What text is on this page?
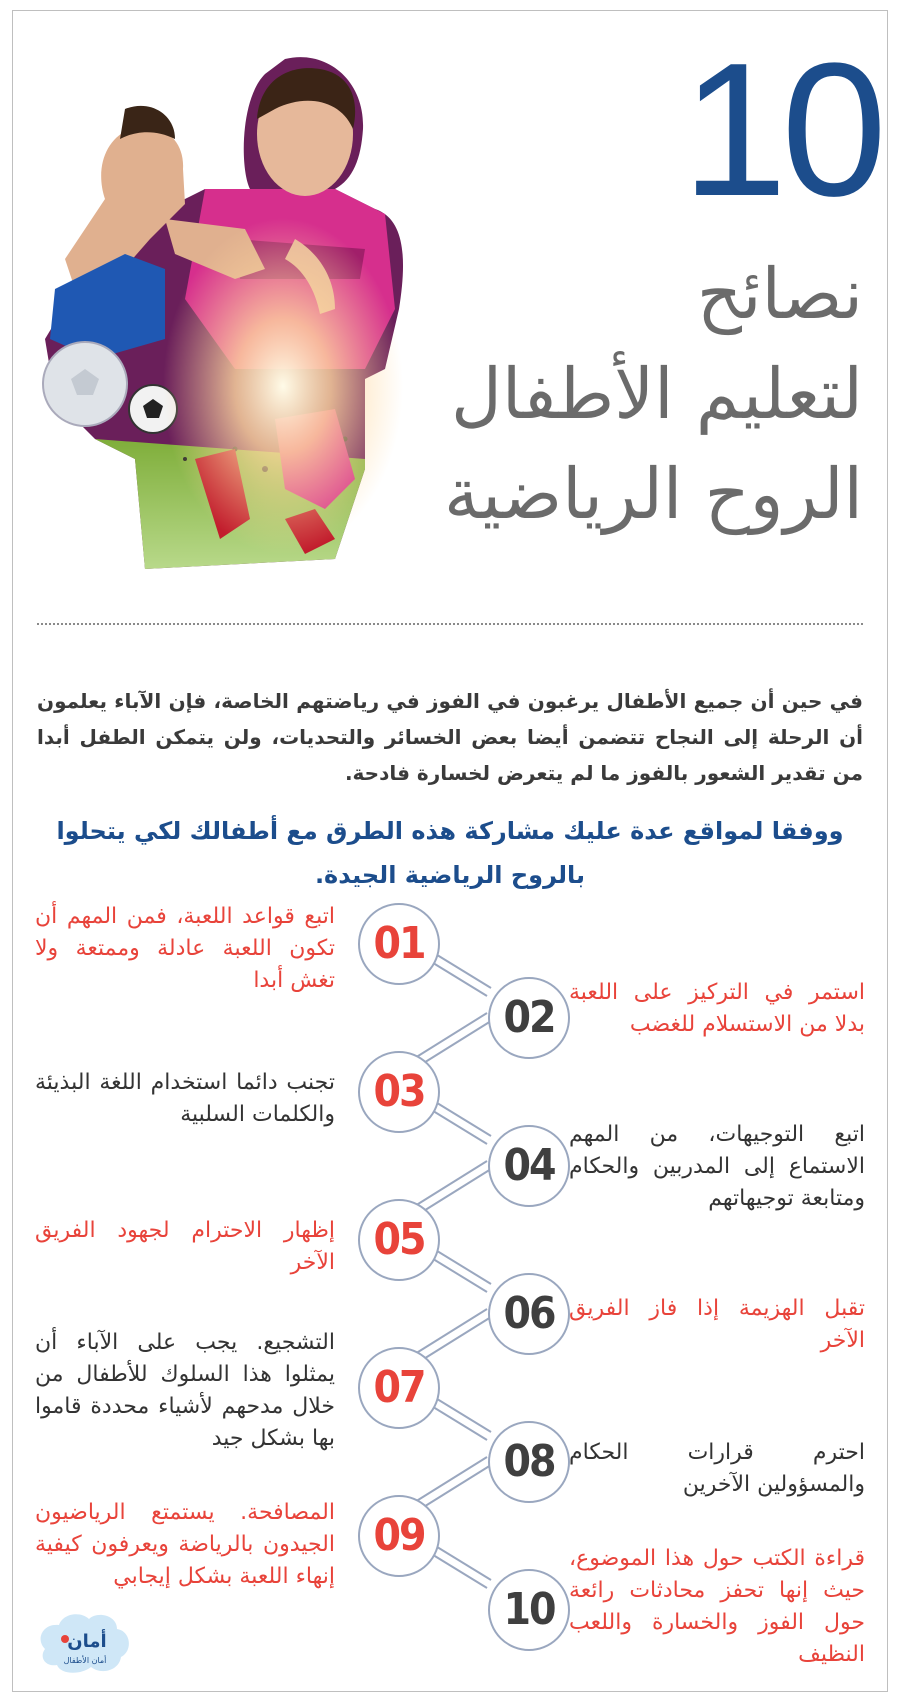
10
نصائح
لتعليم الأطفال
الروح الرياضية
في حين أن جميع الأطفال يرغبون في الفوز في رياضتهم الخاصة، فإن الآباء يعلمون أن الرحلة إلى النجاح تتضمن أيضا بعض الخسائر والتحديات، ولن يتمكن الطفل أبدا من تقدير الشعور بالفوز ما لم يتعرض لخسارة فادحة.
ووفقا لمواقع عدة عليك مشاركة هذه الطرق مع أطفالك لكي يتحلوا بالروح الرياضية الجيدة.
01
02
03
04
05
06
07
08
09
10
اتبع قواعد اللعبة، فمن المهم أن تكون اللعبة عادلة وممتعة ولا تغش أبدا	استمر في التركيز على اللعبة بدلا من الاستسلام للغضب
تجنب دائما استخدام اللغة البذيئة والكلمات السلبية
اتبع التوجيهات، من المهم الاستماع إلى المدربين والحكام ومتابعة توجيهاتهم
إظهار الاحترام لجهود الفريق الآخر
تقبل الهزيمة إذا فاز الفريق الآخر
التشجيع. يجب على الآباء أن يمثلوا هذا السلوك للأطفال من خلال مدحهم لأشياء محددة قاموا بها بشكل جيد
احترم قرارات الحكام والمسؤولين الآخرين
المصافحة. يستمتع الرياضيون الجيدون بالرياضة ويعرفون كيفية إنهاء اللعبة بشكل إيجابي
قراءة الكتب حول هذا الموضوع، حيث إنها تحفز محادثات رائعة حول الفوز والخسارة واللعب النظيف
أمان
أمان الأطفال
